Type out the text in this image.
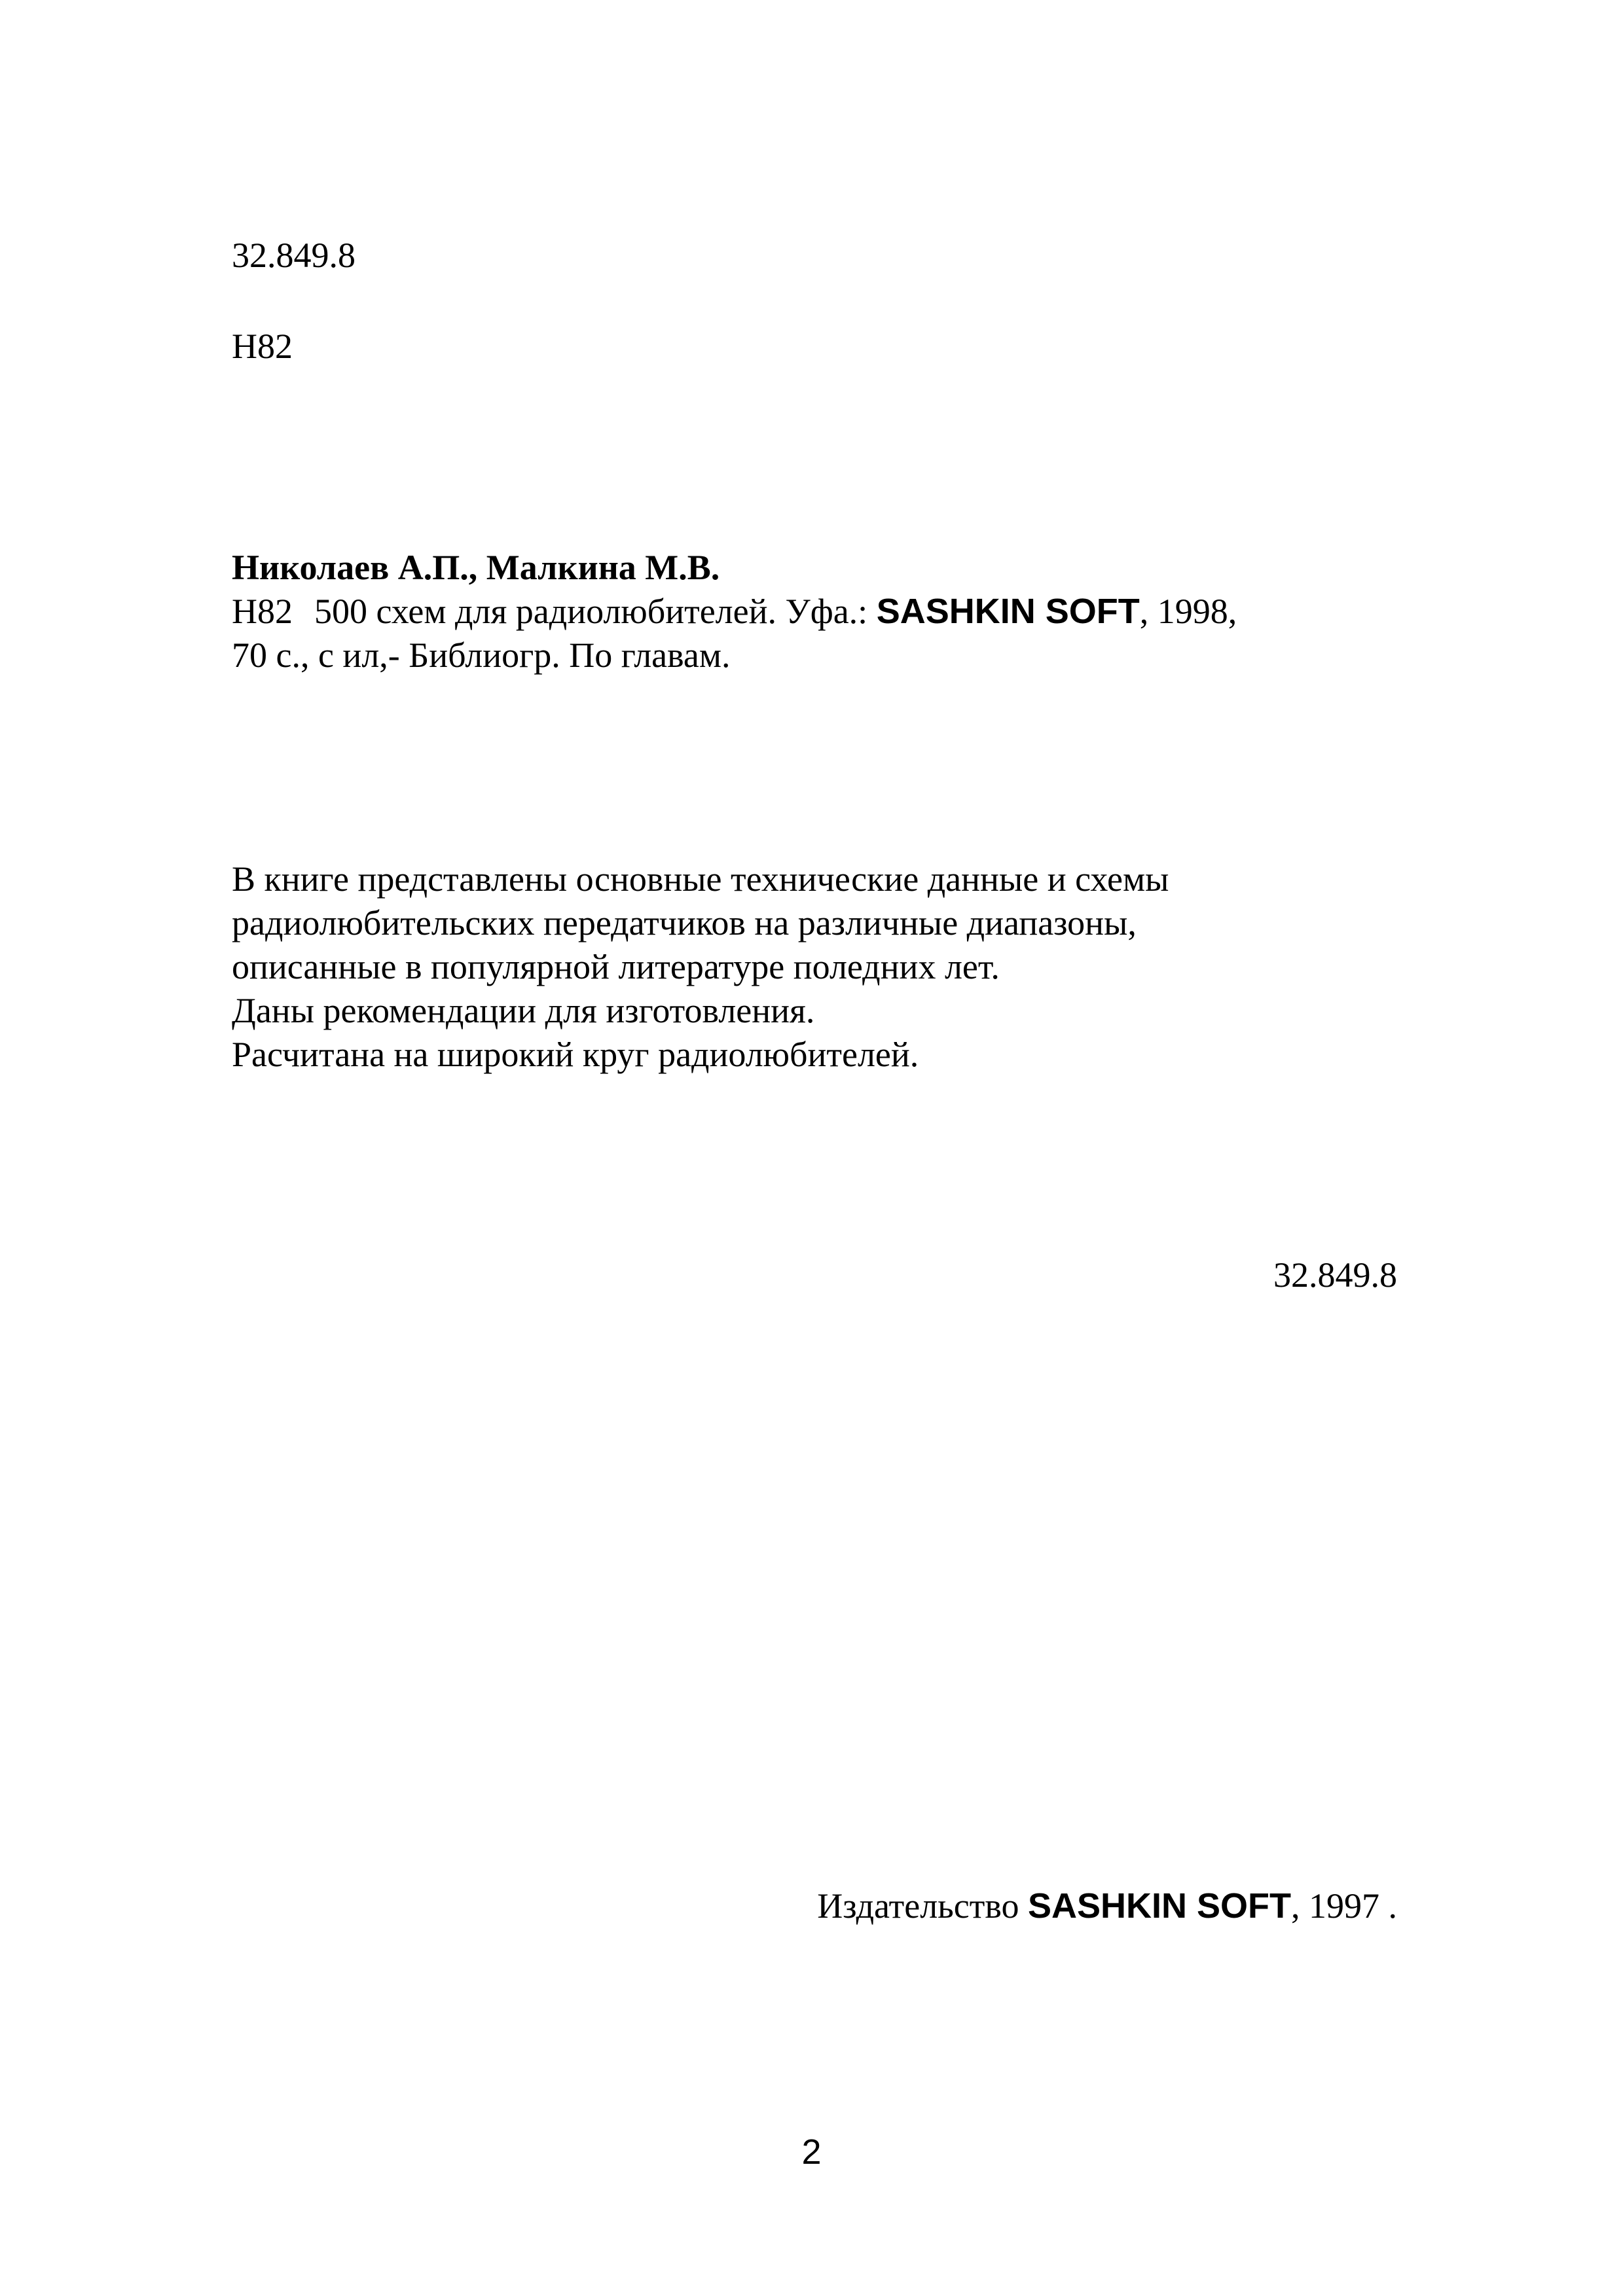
32.849.8
Н82
Николаев А.П., Малкина М.В.
Н82 500 схем для радиолюбителей. Уфа.: SASHKIN SOFT, 1998,
70 с., с ил,- Библиогр. По главам.
В книге представлены основные технические данные и схемы
радиолюбительских передатчиков на различные диапазоны,
описанные в популярной литературе поледних лет.
Даны рекомендации для изготовления.
Расчитана на широкий круг радиолюбителей.
32.849.8
Издательство SASHKIN SOFT, 1997 .
2
